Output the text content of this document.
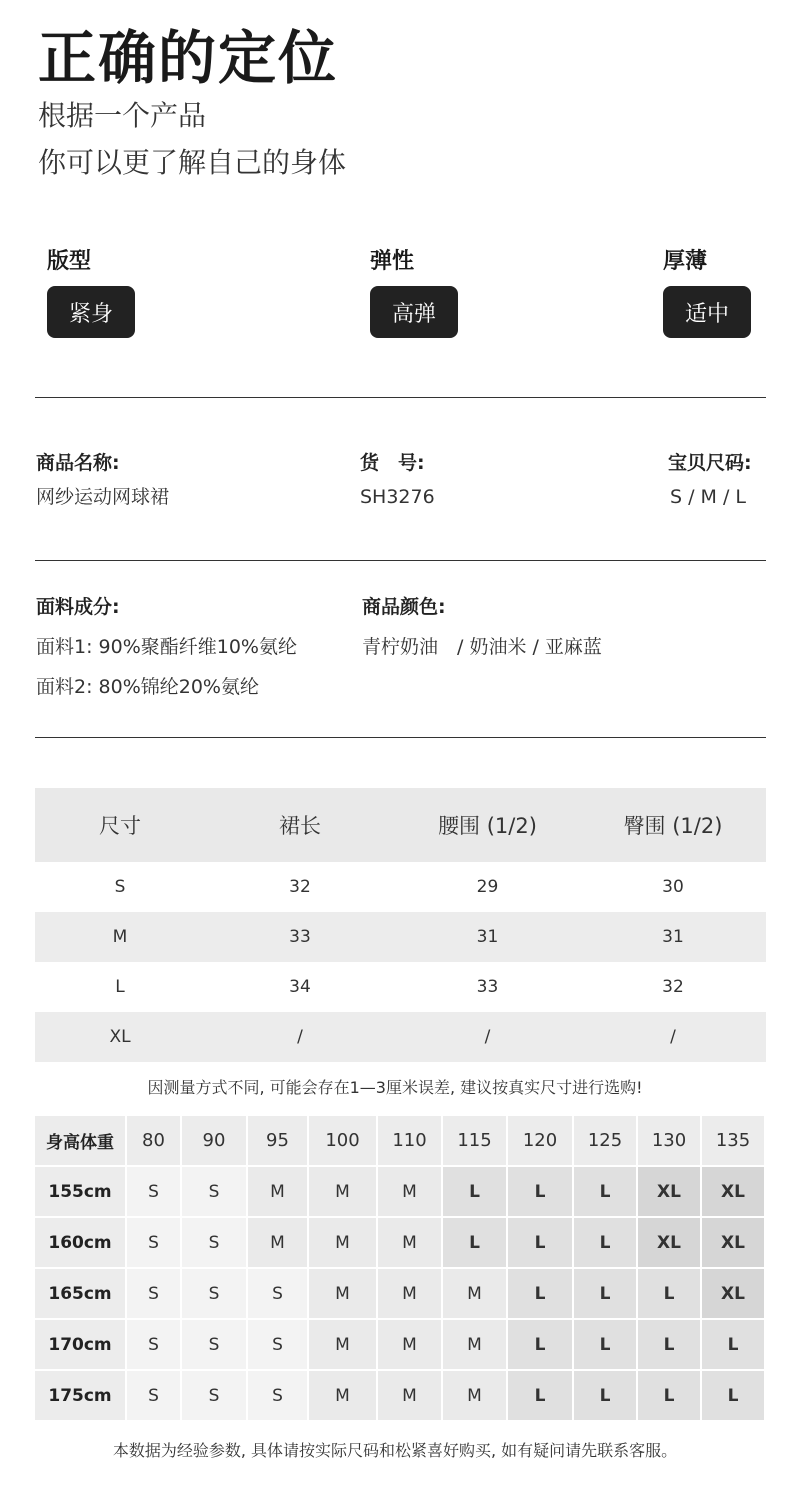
正确的定位
根据一个产品
你可以更了解自己的身体
版型
紧身
弹性
高弹
厚薄
适中
商品名称:
网纱运动网球裙
货　号:
SH3276
宝贝尺码:
S / M / L
面料成分:
面料1: 90%聚酯纤维10%氨纶
面料2: 80%锦纶20%氨纶
商品颜色:
青柠奶油　/ 奶油米 / 亚麻蓝
尺寸	裙长	腰围 (1/2)	臀围 (1/2)
S	32	29	30
M	33	31	31
L	34	33	32
XL	/	/	/
因测量方式不同, 可能会存在1—3厘米误差, 建议按真实尺寸进行选购!
身高体重	80	90	95	100	110	115	120	125	130	135
155cm	S	S	M	M	M	L	L	L	XL	XL
160cm	S	S	M	M	M	L	L	L	XL	XL
165cm	S	S	S	M	M	M	L	L	L	XL
170cm	S	S	S	M	M	M	L	L	L	L
175cm	S	S	S	M	M	M	L	L	L	L
本数据为经验参数, 具体请按实际尺码和松紧喜好购买, 如有疑问请先联系客服。
